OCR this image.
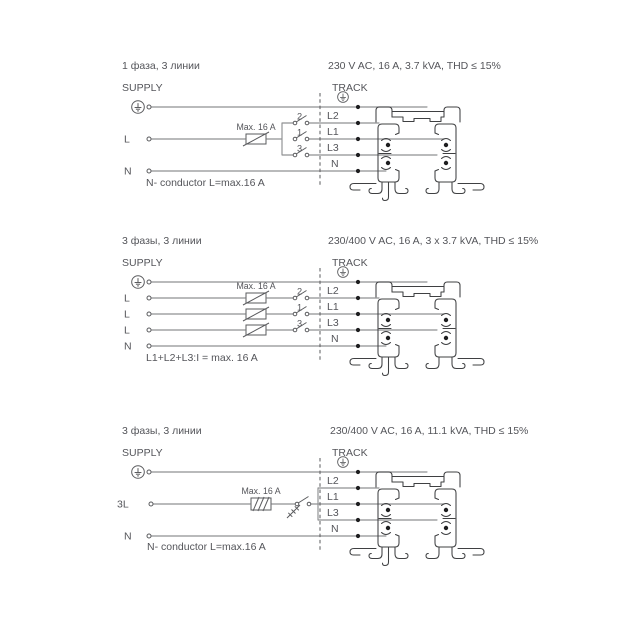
1 фаза, 3 линии	230 V AC, 16 A, 3.7 kVA, THD ≤ 15%
SUPPLY	TRACK
L
N
Max. 16 A
2
1
3
L2
L1
L3
N
N- conductor L=max.16 A
3 фазы, 3 линии	230/400 V AC, 16 A, 3 x 3.7 kVA, THD ≤ 15%
SUPPLY	TRACK
L
L
L
N
Max. 16 A
2
1
3
L2
L1
L3
N
L1+L2+L3:I = max. 16 A
3 фазы, 3 линии	230/400 V AC, 16 A, 11.1 kVA, THD ≤ 15%
SUPPLY	TRACK
3L
N
Max. 16 A
L2
L1
L3
N
N- conductor L=max.16 A
